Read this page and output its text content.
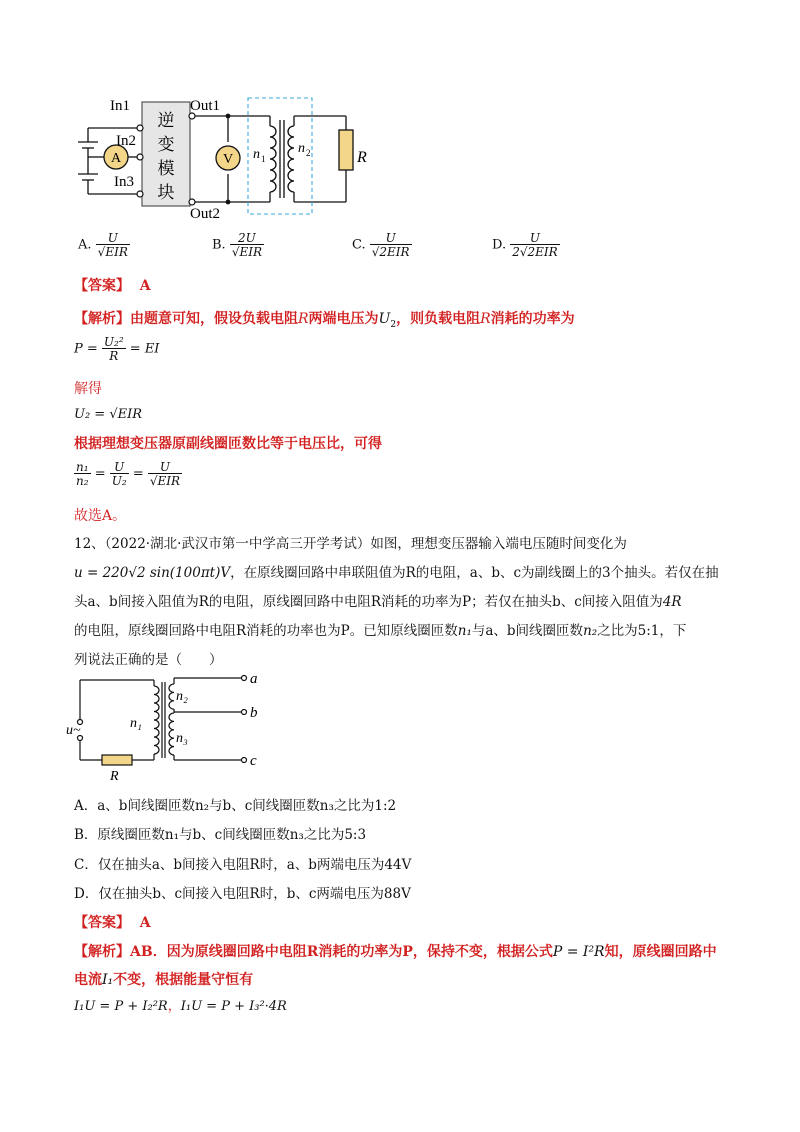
A	V
In1
In2
In3
Out1
Out2
逆
变
模
块
n 1
n 2	R
A. $\frac{U}{\text{√EIR}}$	B. $\frac{2U}{\text{√EIR}}$	C. $\frac{U}{\text{√2EIR}}$	D. $\frac{U}{\text{2√2EIR}}$
【答案】 A
【解析】由题意可知，假设负载电阻R两端电压为$U_2$，则负载电阻R消耗的功率为
$P = \frac{\text{U₂²}}{R}$ = EI
解得
U₂ = √EIR
根据理想变压器原副线圈匝数比等于电压比，可得
$\frac{\text{n₁}}{\text{n₂}} = \frac{U}{\text{U₂}} = \frac{U}{\text{√EIR}}$
故选A。
12、（2022·湖北·武汉市第一中学高三开学考试）如图，理想变压器输入端电压随时间变化为
u = 220√2 sin(100πt)V，在原线圈回路中串联阻值为R的电阻，a、b、c为副线圈上的3个抽头。若仅在抽
头a、b间接入阻值为R的电阻，原线圈回路中电阻R消耗的功率为P；若仅在抽头b、c间接入阻值为4R
的电阻，原线圈回路中电阻R消耗的功率也为P。已知原线圈匝数n₁与a、b间线圈匝数n₂之比为5:1，下
列说法正确的是（　　）
u~	n₁
n₂
n₃
a
b
c
R
A．a、b间线圈匝数n₂与b、c间线圈匝数n₃之比为1:2
B．原线圈匝数n₁与b、c间线圈匝数n₃之比为5:3
C．仅在抽头a、b间接入电阻R时，a、b两端电压为44V
D．仅在抽头b、c间接入电阻R时，b、c两端电压为88V
【答案】 A
【解析】AB．因为原线圈回路中电阻R消耗的功率为P，保持不变，根据公式P = I²R知，原线圈回路中
电流I₁不变，根据能量守恒有
I₁U = P + I₂²R，I₁U = P + I₃²·4R
